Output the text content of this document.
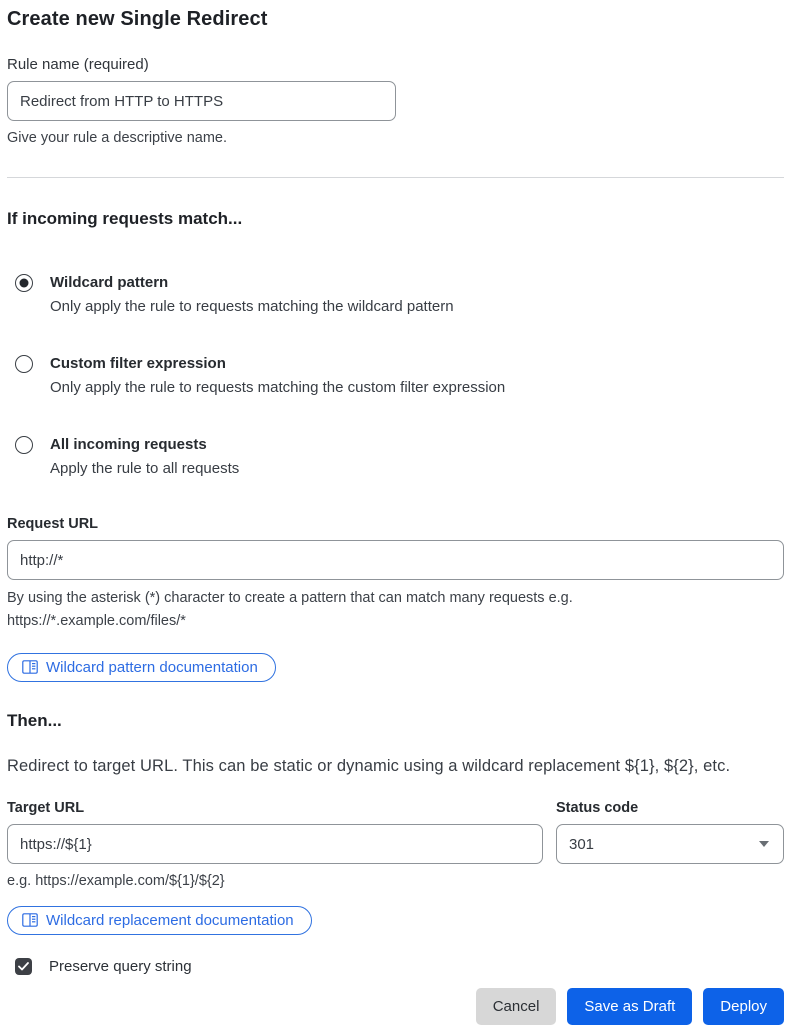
Create new Single Redirect
Rule name (required)
Redirect from HTTP to HTTPS
Give your rule a descriptive name.
If incoming requests match...
Wildcard pattern
Only apply the rule to requests matching the wildcard pattern
Custom filter expression
Only apply the rule to requests matching the custom filter expression
All incoming requests
Apply the rule to all requests
Request URL
http://*
By using the asterisk (*) character to create a pattern that can match many requests e.g.
https://*.example.com/files/*
Wildcard pattern documentation
Then...

Redirect to target URL. This can be static or dynamic using a wildcard replacement ${1}, ${2}, etc.

Target URL
https://${1}
e.g. https://example.com/${1}/${2}
Status code
301
Wildcard replacement documentation
Preserve query string
Cancel	Save as Draft	Deploy
